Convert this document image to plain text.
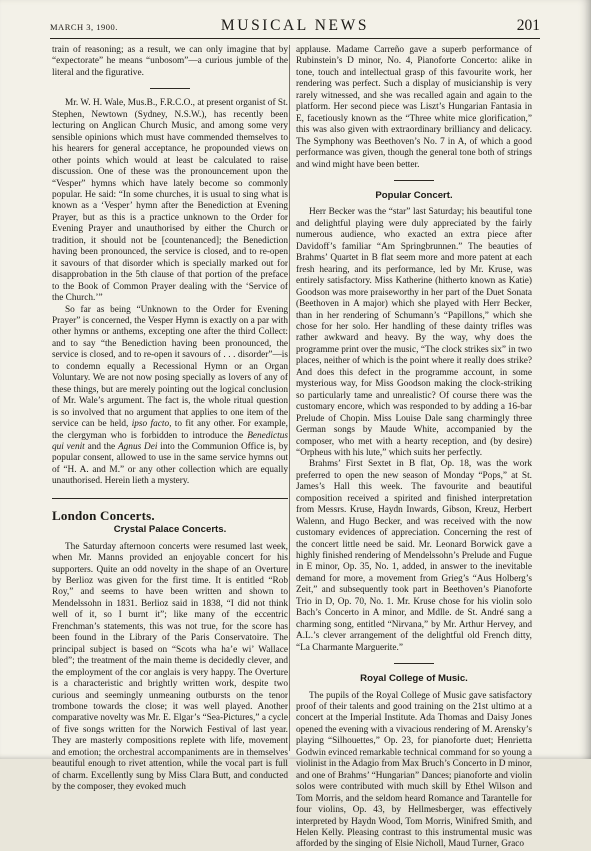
MARCH 3, 1900.	MUSICAL NEWS	201

train of reasoning; as a result, we can only imagine that by “expectorate” he means “unbosom”—a curious jumble of the literal and the figurative.

Mr. W. H. Wale, Mus.B., F.R.C.O., at present organist of St. Stephen, Newtown (Sydney, N.S.W.), has recently been lecturing on Anglican Church Music, and among some very sensible opinions which must have commended themselves to his hearers for general acceptance, he propounded views on other points which would at least be calculated to raise discussion. One of these was the pronouncement upon the “Vesper” hymns which have lately become so commonly popular. He said: “In some churches, it is usual to sing what is known as a ‘Vesper’ hymn after the Benediction at Evening Prayer, but as this is a practice unknown to the Order for Evening Prayer and unauthorised by either the Church or tradition, it should not be [countenanced]; the Benediction having been pronounced, the service is closed, and to re-open it savours of that disorder which is specially marked out for disapprobation in the 5th clause of that portion of the preface to the Book of Common Prayer dealing with the ‘Service of the Church.’”

So far as being “Unknown to the Order for Evening Prayer” is concerned, the Vesper Hymn is exactly on a par with other hymns or anthems, excepting one after the third Collect: and to say “the Benediction having been pronounced, the service is closed, and to re-open it savours of . . . disorder”—is to condemn equally a Recessional Hymn or an Organ Voluntary. We are not now posing specially as lovers of any of these things, but are merely pointing out the logical conclusion of Mr. Wale’s argument. The fact is, the whole ritual question is so involved that no argument that applies to one item of the service can be held, ipso facto, to fit any other. For example, the clergyman who is forbidden to introduce the Benedictus qui venit and the Agnus Dei into the Communion Office is, by popular consent, allowed to use in the same service hymns out of “H. A. and M.” or any other collection which are equally unauthorised. Herein lieth a mystery.

London Concerts.
Crystal Palace Concerts.

The Saturday afternoon concerts were resumed last week, when Mr. Manns provided an enjoyable concert for his supporters. Quite an odd novelty in the shape of an Overture by Berlioz was given for the first time. It is entitled “Rob Roy,” and seems to have been written and shown to Mendelssohn in 1831. Berlioz said in 1838, “I did not think well of it, so I burnt it”; like many of the eccentric Frenchman’s statements, this was not true, for the score has been found in the Library of the Paris Conservatoire. The principal subject is based on “Scots wha ha’e wi’ Wallace bled”; the treatment of the main theme is decidedly clever, and the employment of the cor anglais is very happy. The Overture is a characteristic and brightly written work, despite two curious and seemingly unmeaning outbursts on the tenor trombone towards the close; it was well played. Another comparative novelty was Mr. E. Elgar’s “Sea-Pictures,” a cycle of five songs written for the Norwich Festival of last year. They are masterly compositions replete with life, movement and emotion; the orchestral accompaniments are in themselves beautiful enough to rivet attention, while the vocal part is full of charm. Excellently sung by Miss Clara Butt, and conducted by the composer, they evoked much

applause. Madame Carreño gave a superb performance of Rubinstein’s D minor, No. 4, Pianoforte Concerto: alike in tone, touch and intellectual grasp of this favourite work, her rendering was perfect. Such a display of musicianship is very rarely witnessed, and she was recalled again and again to the platform. Her second piece was Liszt’s Hungarian Fantasia in E, facetiously known as the “Three white mice glorification,” this was also given with extraordinary brilliancy and delicacy. The Symphony was Beethoven’s No. 7 in A, of which a good performance was given, though the general tone both of strings and wind might have been better.

Popular Concert.

Herr Becker was the “star” last Saturday; his beautiful tone and delightful playing were duly appreciated by the fairly numerous audience, who exacted an extra piece after Davidoff’s familiar “Am Springbrunnen.” The beauties of Brahms’ Quartet in B flat seem more and more patent at each fresh hearing, and its performance, led by Mr. Kruse, was entirely satisfactory. Miss Katherine (hitherto known as Katie) Goodson was more praiseworthy in her part of the Duet Sonata (Beethoven in A major) which she played with Herr Becker, than in her rendering of Schumann’s “Papillons,” which she chose for her solo. Her handling of these dainty trifles was rather awkward and heavy. By the way, why does the programme print over the music, “The clock strikes six” in two places, neither of which is the point where it really does strike? And does this defect in the programme account, in some mysterious way, for Miss Goodson making the clock-striking so particularly tame and unrealistic? Of course there was the customary encore, which was responded to by adding a 16-bar Prelude of Chopin. Miss Louise Dale sang charmingly three German songs by Maude White, accompanied by the composer, who met with a hearty reception, and (by desire) “Orpheus with his lute,” which suits her perfectly.

Brahms’ First Sextet in B flat, Op. 18, was the work preferred to open the new season of Monday “Pops,” at St. James’s Hall this week. The favourite and beautiful composition received a spirited and finished interpretation from Messrs. Kruse, Haydn Inwards, Gibson, Kreuz, Herbert Walenn, and Hugo Becker, and was received with the now customary evidences of appreciation. Concerning the rest of the concert little need be said. Mr. Leonard Borwick gave a highly finished rendering of Mendelssohn’s Prelude and Fugue in E minor, Op. 35, No. 1, added, in answer to the inevitable demand for more, a movement from Grieg’s “Aus Holberg’s Zeit,” and subsequently took part in Beethoven’s Pianoforte Trio in D, Op. 70, No. 1. Mr. Kruse chose for his violin solo Bach’s Concerto in A minor, and Mdlle. de St. André sang a charming song, entitled “Nirvana,” by Mr. Arthur Hervey, and A.L.’s clever arrangement of the delightful old French ditty, “La Charmante Marguerite.”

Royal College of Music.

The pupils of the Royal College of Music gave satisfactory proof of their talents and good training on the 21st ultimo at a concert at the Imperial Institute. Ada Thomas and Daisy Jones opened the evening with a vivacious rendering of M. Arensky’s playing “Silhouettes,” Op. 23, for pianoforte duet; Henrietta Godwin evinced remarkable technical command for so young a violinist in the Adagio from Max Bruch’s Concerto in D minor, and one of Brahms’ “Hungarian” Dances; pianoforte and violin solos were contributed with much skill by Ethel Wilson and Tom Morris, and the seldom heard Romance and Tarantelle for four violins, Op. 43, by Hellmesberger, was effectively interpreted by Haydn Wood, Tom Morris, Winifred Smith, and Helen Kelly. Pleasing contrast to this instrumental music was afforded by the singing of Elsie Nicholl, Maud Turner, Graco
